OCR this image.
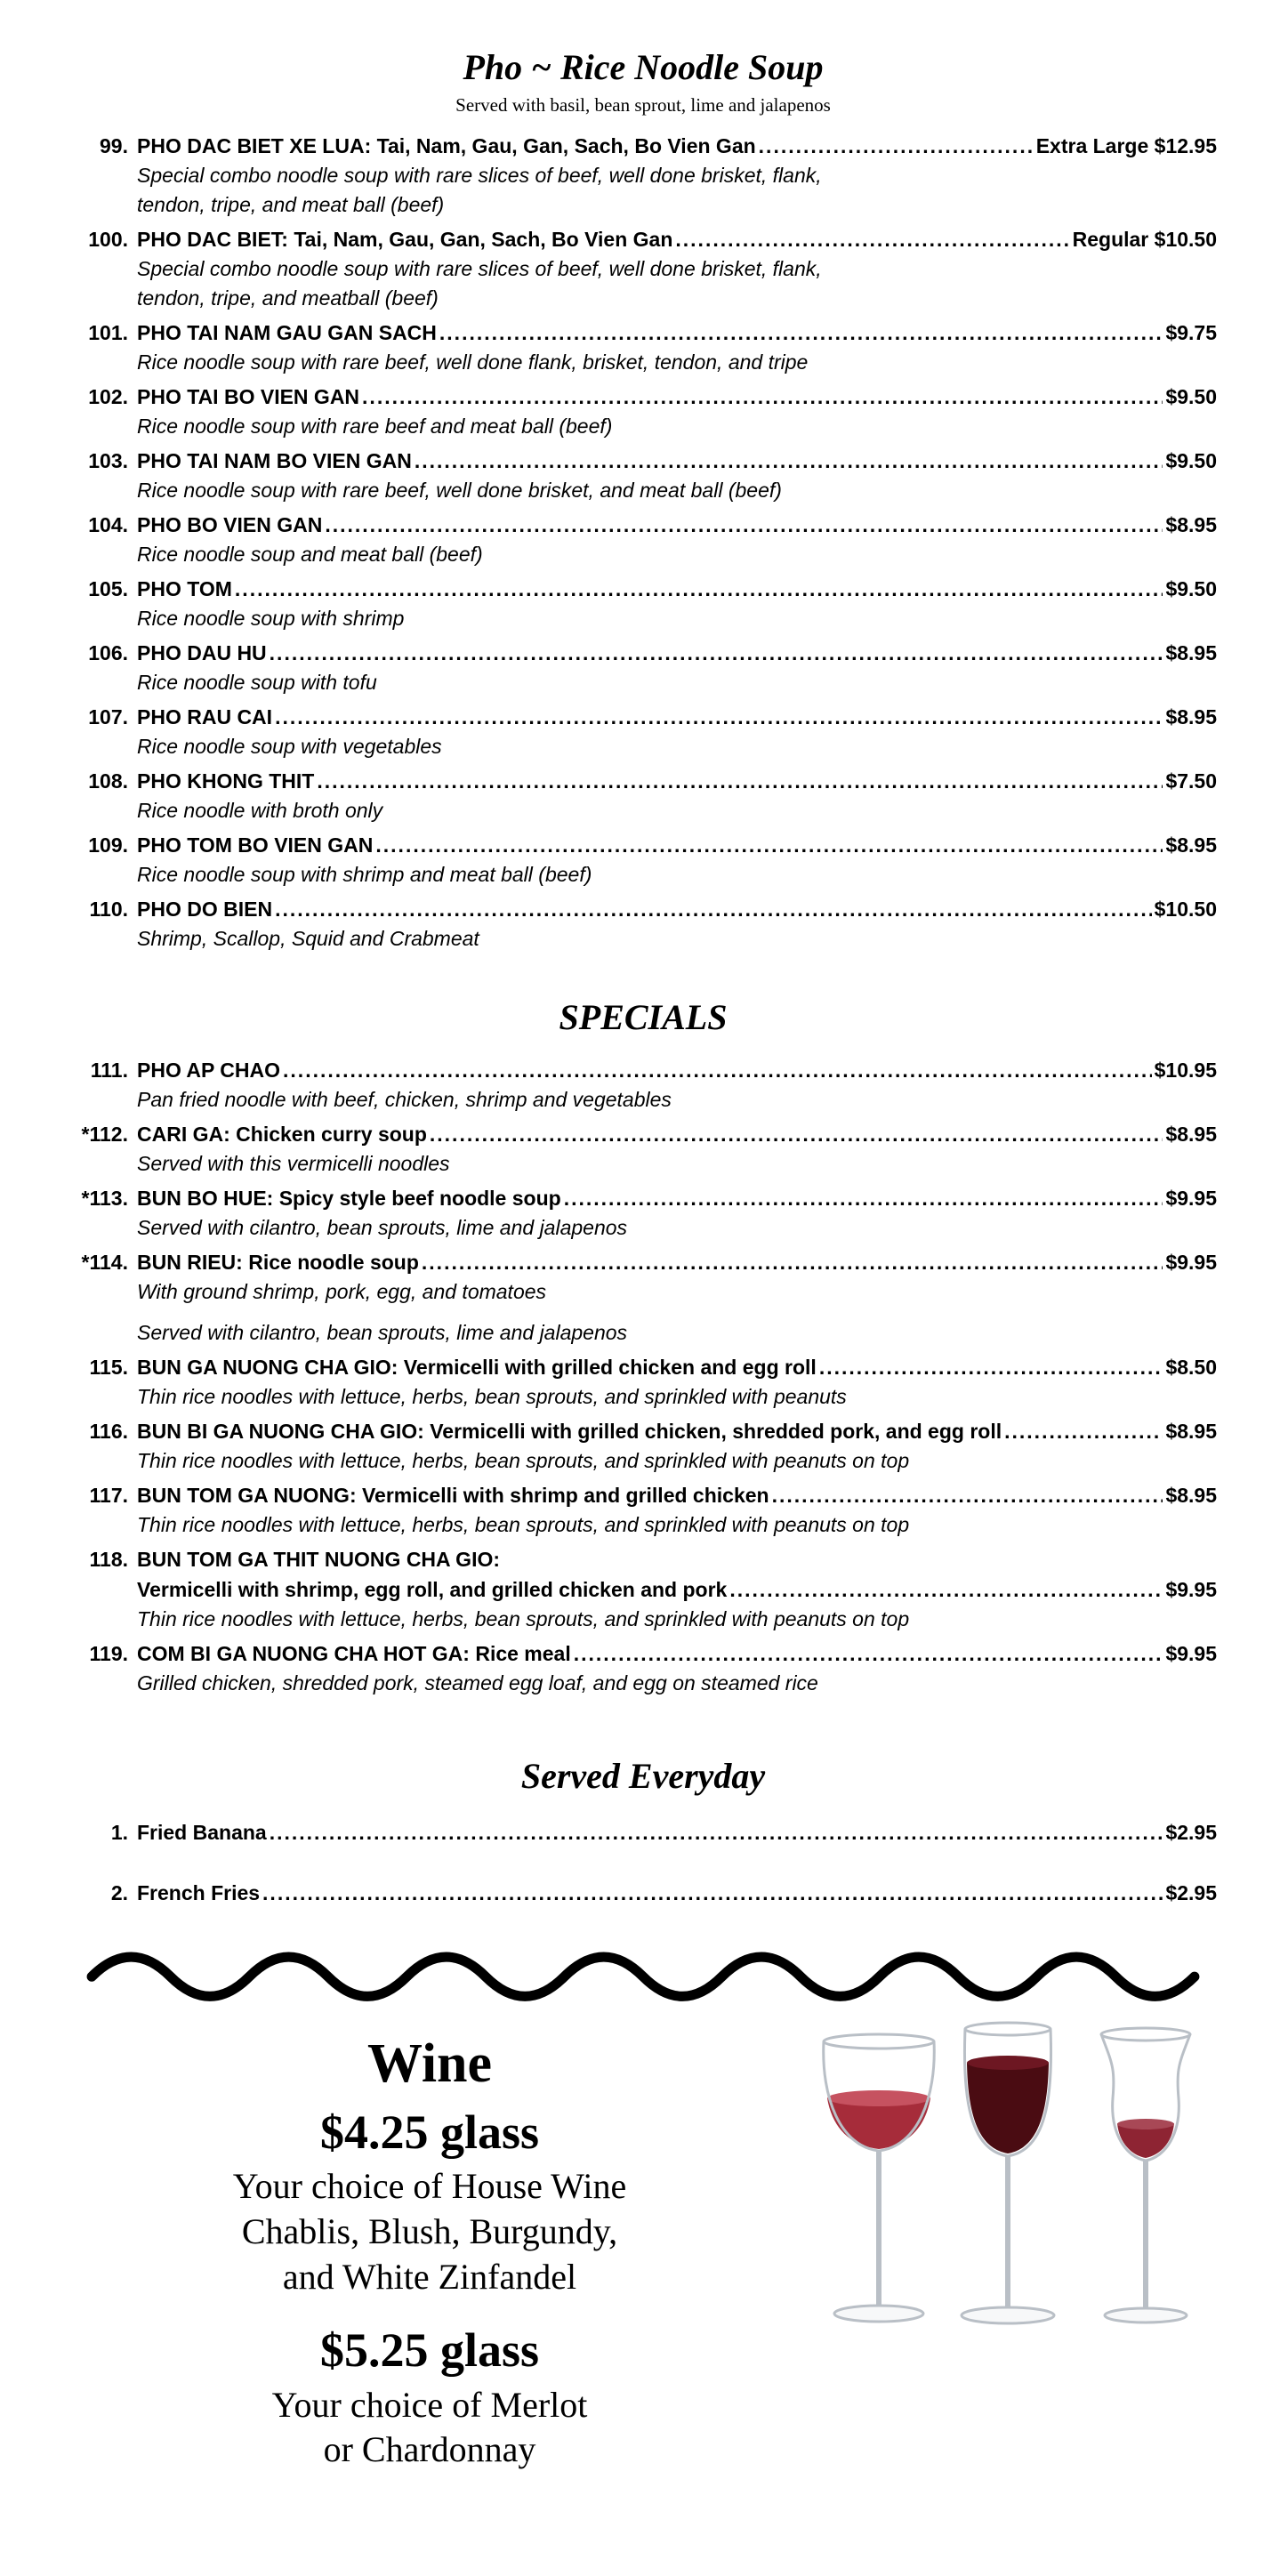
Pho ~ Rice Noodle Soup
Served with basil, bean sprout, lime and jalapenos
99. PHO DAC BIET XE LUA: Tai, Nam, Gau, Gan, Sach, Bo Vien Gan .....	Extra Large $12.95
Special combo noodle soup with rare slices of beef, well done brisket, flank,
tendon, tripe, and meat ball (beef)
100. PHO DAC BIET: Tai, Nam, Gau, Gan, Sach, Bo Vien Gan .....	Regular $10.50
Special combo noodle soup with rare slices of beef, well done brisket, flank,
tendon, tripe, and meatball (beef)
101. PHO TAI NAM GAU GAN SACH .....	$9.75
Rice noodle soup with rare beef, well done flank, brisket, tendon, and tripe
102. PHO TAI BO VIEN GAN .....	$9.50
Rice noodle soup with rare beef and meat ball (beef)
103. PHO TAI NAM BO VIEN GAN .....	$9.50
Rice noodle soup with rare beef, well done brisket, and meat ball (beef)
104. PHO BO VIEN GAN .....	$8.95
Rice noodle soup and meat ball (beef)
105. PHO TOM .....	$9.50
Rice noodle soup with shrimp
106. PHO DAU HU .....	$8.95
Rice noodle soup with tofu
107. PHO RAU CAI .....	$8.95
Rice noodle soup with vegetables
108. PHO KHONG THIT .....	$7.50
Rice noodle with broth only
109. PHO TOM BO VIEN GAN .....	$8.95
Rice noodle soup with shrimp and meat ball (beef)
110. PHO DO BIEN .....	$10.50
Shrimp, Scallop, Squid and Crabmeat
SPECIALS
111. PHO AP CHAO .....	$10.95
Pan fried noodle with beef, chicken, shrimp and vegetables
*112. CARI GA: Chicken curry soup .....	$8.95
Served with this vermicelli noodles
*113. BUN BO HUE: Spicy style beef noodle soup .....	$9.95
Served with cilantro, bean sprouts, lime and jalapenos
*114. BUN RIEU: Rice noodle soup .....	$9.95
With ground shrimp, pork, egg, and tomatoes
Served with cilantro, bean sprouts, lime and jalapenos
115. BUN GA NUONG CHA GIO: Vermicelli with grilled chicken and egg roll .....	$8.50
Thin rice noodles with lettuce, herbs, bean sprouts, and sprinkled with peanuts
116. BUN BI GA NUONG CHA GIO: Vermicelli with grilled chicken, shredded pork, and egg roll .....	$8.95
Thin rice noodles with lettuce, herbs, bean sprouts, and sprinkled with peanuts on top
117. BUN TOM GA NUONG: Vermicelli with shrimp and grilled chicken .....	$8.95
Thin rice noodles with lettuce, herbs, bean sprouts, and sprinkled with peanuts on top
118. BUN TOM GA THIT NUONG CHA GIO:
Vermicelli with shrimp, egg roll, and grilled chicken and pork .....	$9.95
Thin rice noodles with lettuce, herbs, bean sprouts, and sprinkled with peanuts on top
119. COM BI GA NUONG CHA HOT GA: Rice meal .....	$9.95
Grilled chicken, shredded pork, steamed egg loaf, and egg on steamed rice
Served Everyday
1. Fried Banana .....	$2.95
2. French Fries .....	$2.95
Wine
$4.25 glass
Your choice of House Wine
Chablis, Blush, Burgundy,
and White Zinfandel
$5.25 glass
Your choice of Merlot
or Chardonnay
